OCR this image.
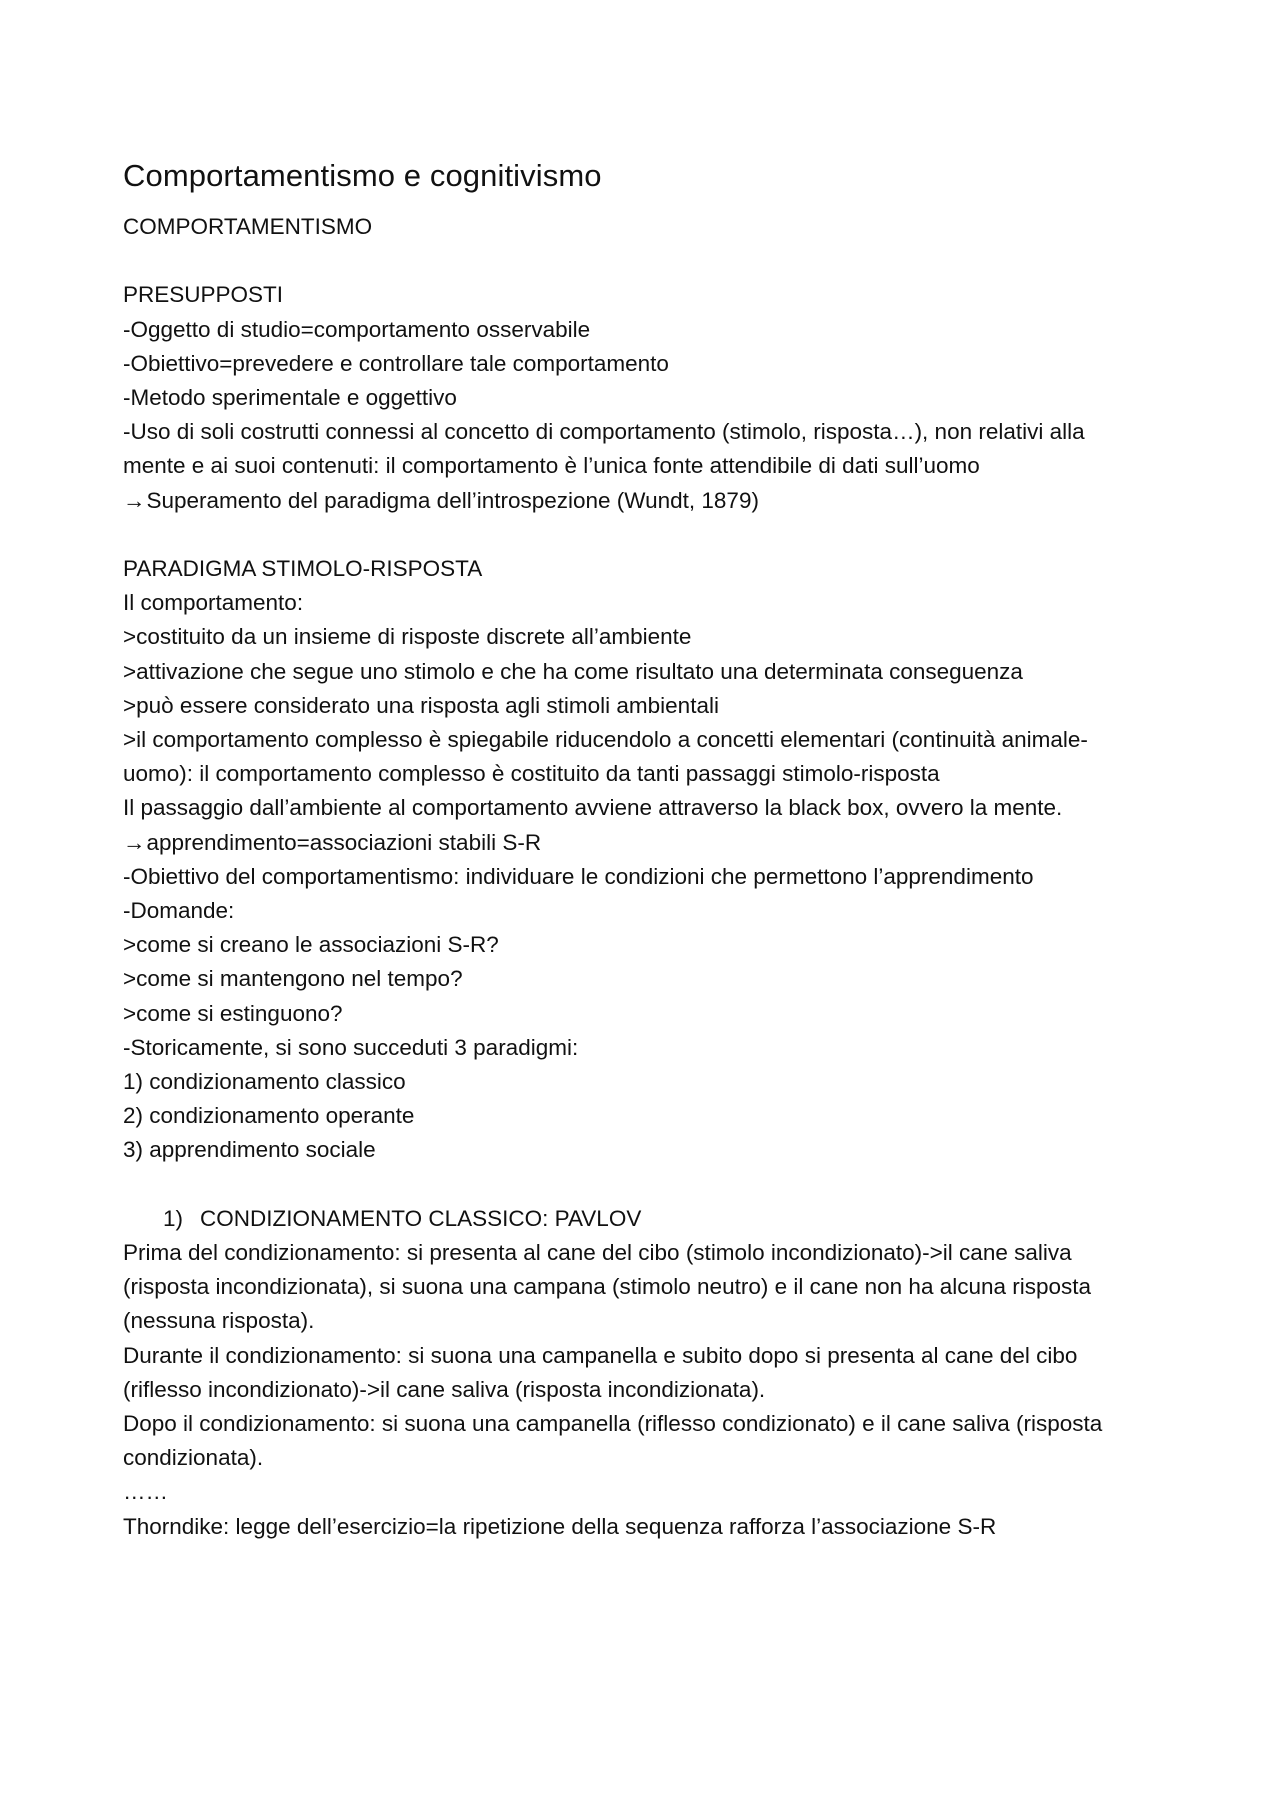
Comportamentismo e cognitivismo

COMPORTAMENTISMO

PRESUPPOSTI

-Oggetto di studio=comportamento osservabile

-Obiettivo=prevedere e controllare tale comportamento

-Metodo sperimentale e oggettivo

-Uso di soli costrutti connessi al concetto di comportamento (stimolo, risposta…), non relativi alla

mente e ai suoi contenuti: il comportamento è l’unica fonte attendibile di dati sull’uomo

→Superamento del paradigma dell’introspezione (Wundt, 1879)

PARADIGMA STIMOLO-RISPOSTA

Il comportamento:

>costituito da un insieme di risposte discrete all’ambiente

>attivazione che segue uno stimolo e che ha come risultato una determinata conseguenza

>può essere considerato una risposta agli stimoli ambientali

>il comportamento complesso è spiegabile riducendolo a concetti elementari (continuità animale-

uomo): il comportamento complesso è costituito da tanti passaggi stimolo-risposta

Il passaggio dall’ambiente al comportamento avviene attraverso la black box, ovvero la mente.

→apprendimento=associazioni stabili S-R

-Obiettivo del comportamentismo: individuare le condizioni che permettono l’apprendimento

-Domande:

>come si creano le associazioni S-R?

>come si mantengono nel tempo?

>come si estinguono?

-Storicamente, si sono succeduti 3 paradigmi:

1) condizionamento classico

2) condizionamento operante

3) apprendimento sociale

1) CONDIZIONAMENTO CLASSICO: PAVLOV

Prima del condizionamento: si presenta al cane del cibo (stimolo incondizionato)->il cane saliva

(risposta incondizionata), si suona una campana (stimolo neutro) e il cane non ha alcuna risposta

(nessuna risposta).

Durante il condizionamento: si suona una campanella e subito dopo si presenta al cane del cibo

(riflesso incondizionato)->il cane saliva (risposta incondizionata).

Dopo il condizionamento: si suona una campanella (riflesso condizionato) e il cane saliva (risposta

condizionata).

……

Thorndike: legge dell’esercizio=la ripetizione della sequenza rafforza l’associazione S-R
